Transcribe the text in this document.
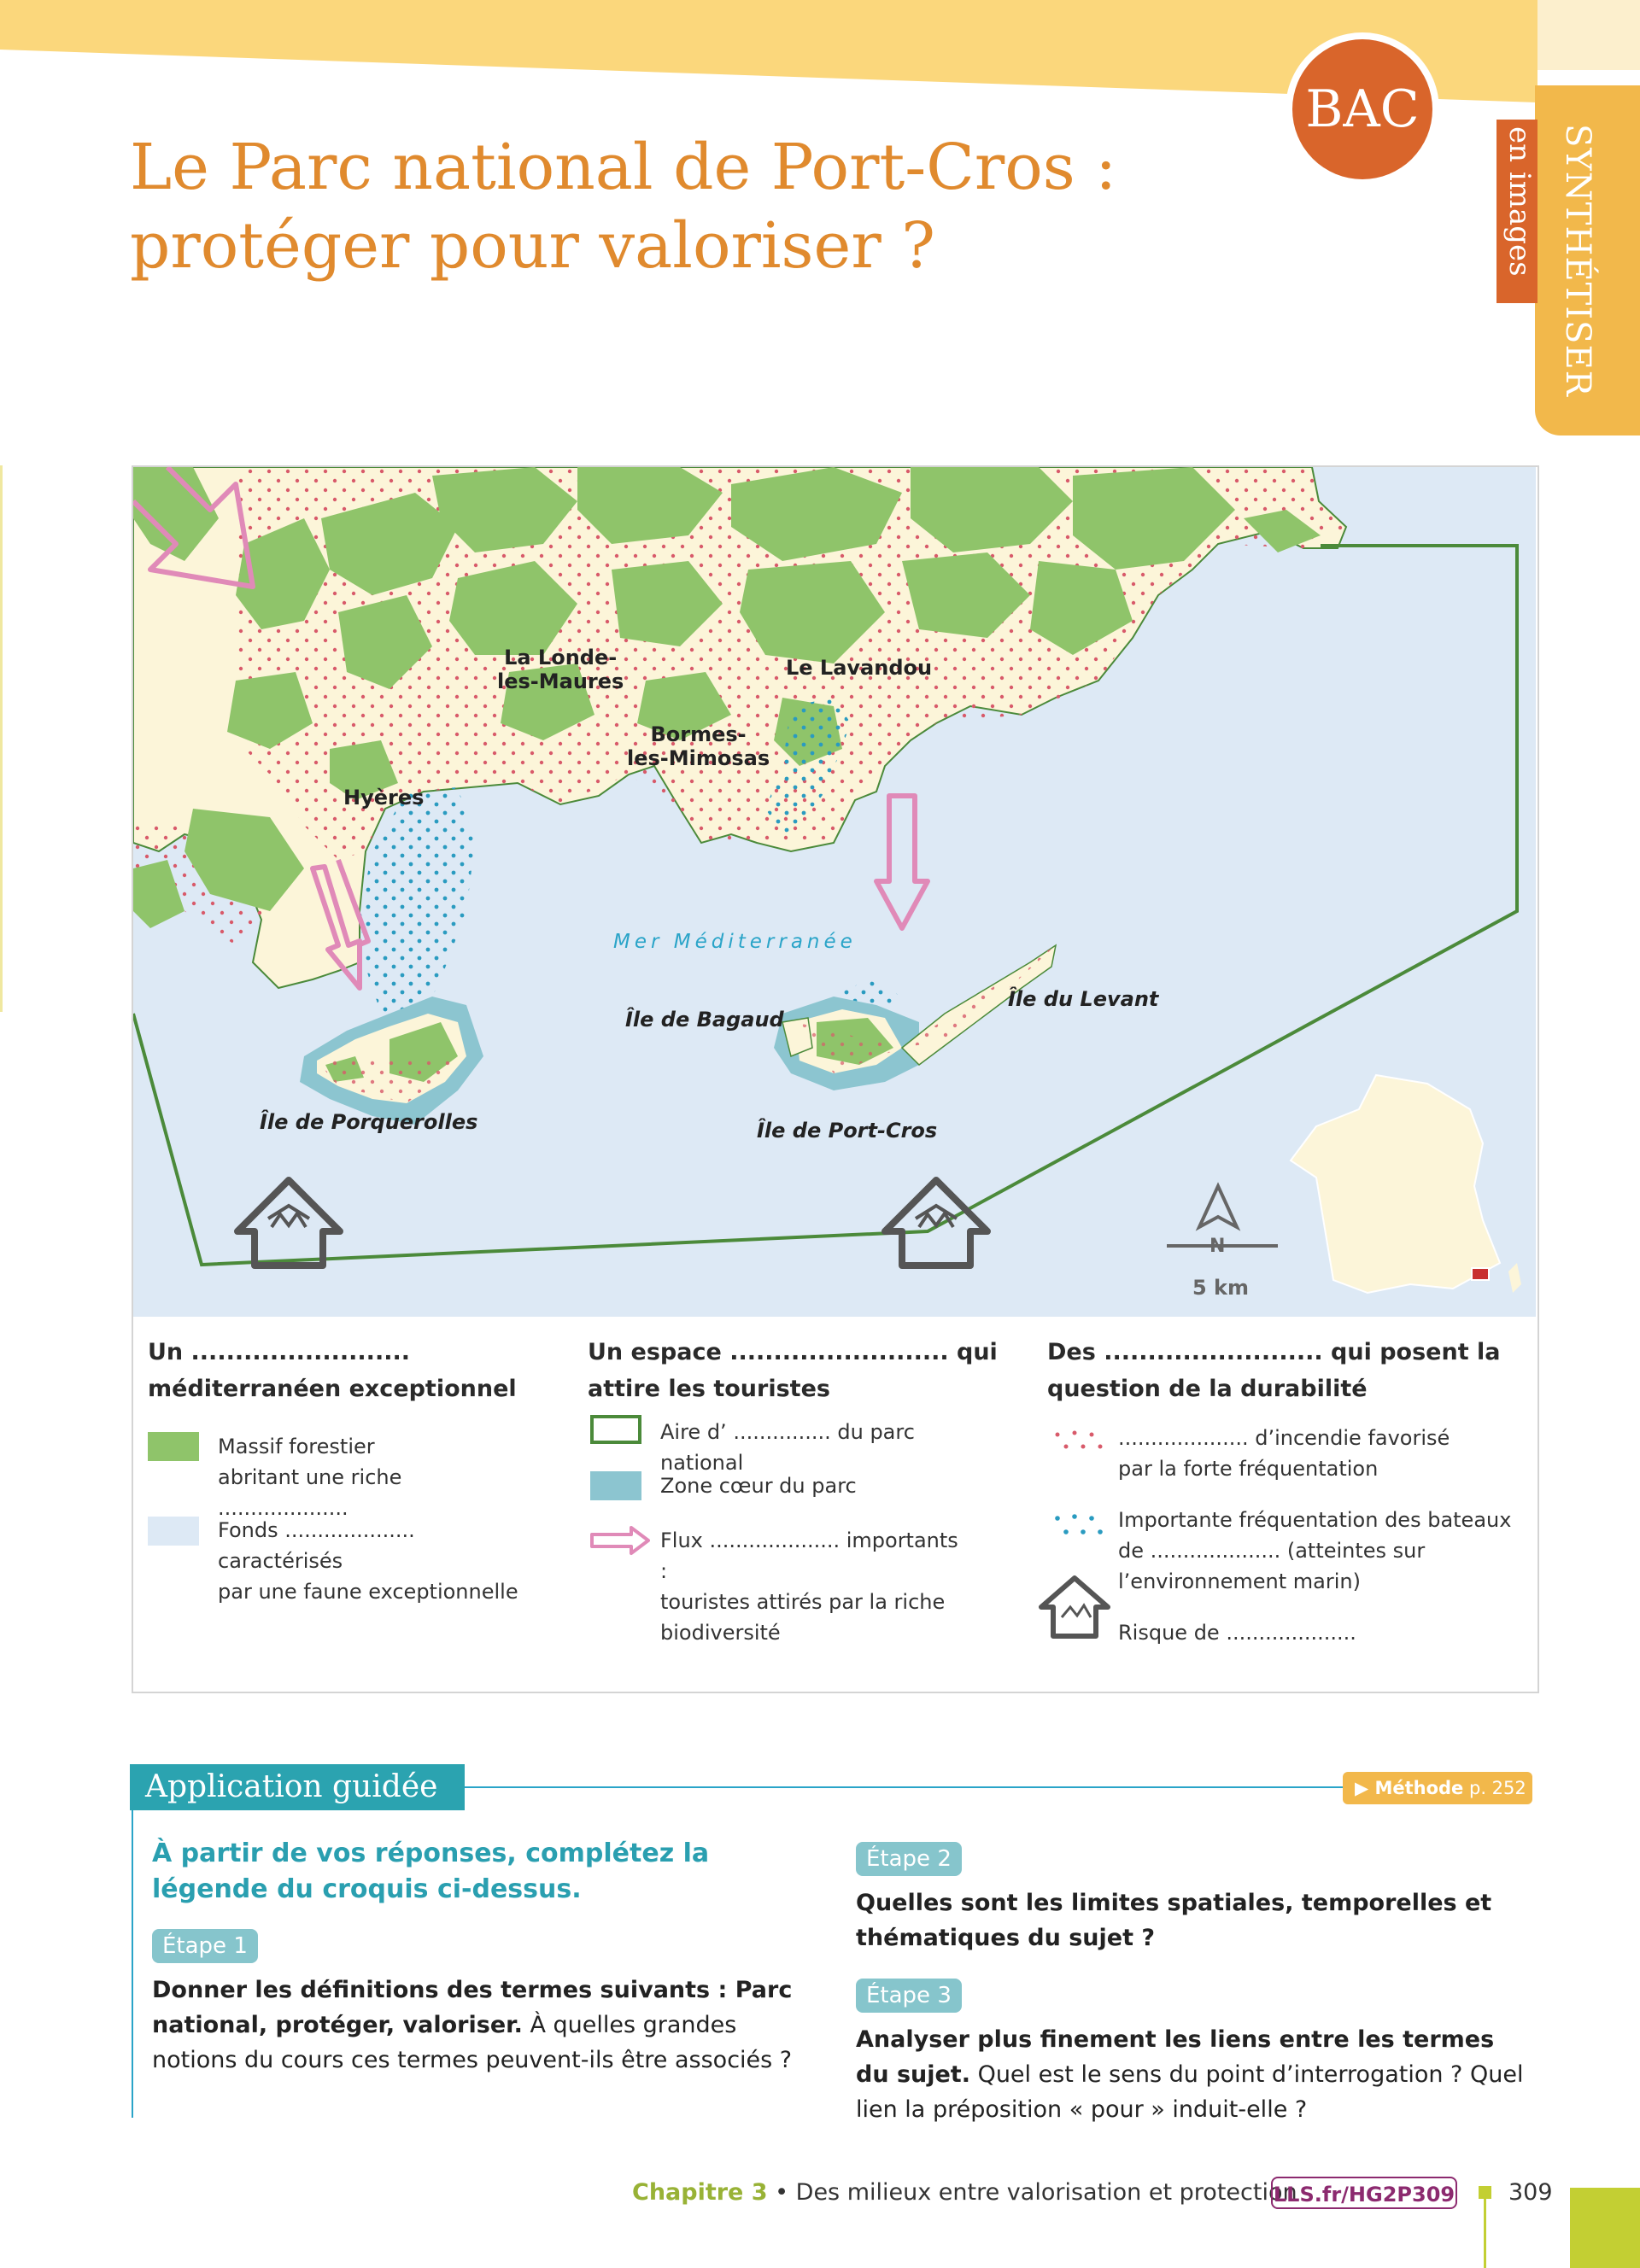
BAC
SYNTHÉTISER
en images
Le Parc national de Port-Cros :
protéger pour valoriser ?
La Londe-
les-Maures
Le Lavandou
Bormes-
les-Mimosas
Hyères
Mer Méditerranée
Île de Bagaud
Île du Levant
Île de Porquerolles	Île de Port-Cros
N
5 km
Un ......................... méditerranéen exceptionnel
Massif forestier
abritant une riche ....................
Fonds .................... caractérisés
par une faune exceptionnelle
Un espace ......................... qui attire les touristes
Aire d’ ............... du parc national
Zone cœur du parc
Flux .................... importants :
touristes attirés par la riche
biodiversité
Des ......................... qui posent la question de la durabilité
.................... d’incendie favorisé
par la forte fréquentation
Importante fréquentation des bateaux
de .................... (atteintes sur
l’environnement marin)
Risque de ....................
Application guidée	▶ Méthode p. 252
À partir de vos réponses, complétez la légende du croquis ci-dessus.
Étape 1
Donner les définitions des termes suivants : Parc national, protéger, valoriser. À quelles grandes notions du cours ces termes peuvent-ils être associés ?
Étape 2
Quelles sont les limites spatiales, temporelles et thématiques du sujet ?
Étape 3
Analyser plus finement les liens entre les termes du sujet. Quel est le sens du point d’interrogation ? Quel lien la préposition « pour » induit-elle ?
Chapitre 3 • Des milieux entre valorisation et protection
LLS.fr/HG2P309 309
